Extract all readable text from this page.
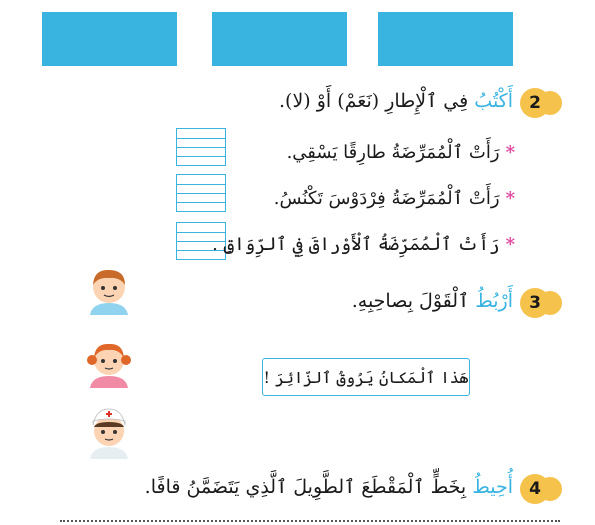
2
أَكْتُبُ فِي ٱلْإِطارِ (نَعَمْ) أَوْ (لا).
*رَأَتْ ٱلْمُمَرِّضَةُ طارِقًا يَسْقِي.
*رَأَتْ ٱلْمُمَرِّضَةُ فِرْدَوْسَ تَكْنُسُ.
*رَأَتْ ٱلْمُمَرِّضَةُ ٱلْأَوْراقَ فِي ٱلرِّوَاقِ .
3
أَرْبُطُ ٱلْقَوْلَ بِصاحِبِهِ.
هَذا ٱلْمَكانُ يَرُوقُ ٱلزّائِرَ !
4
أُحِيطُ بِخَطٍّ ٱلْمَقْطَعَ ٱلطَّوِيلَ ٱلَّذِي يَتَضَمَّنُ قافًا.
